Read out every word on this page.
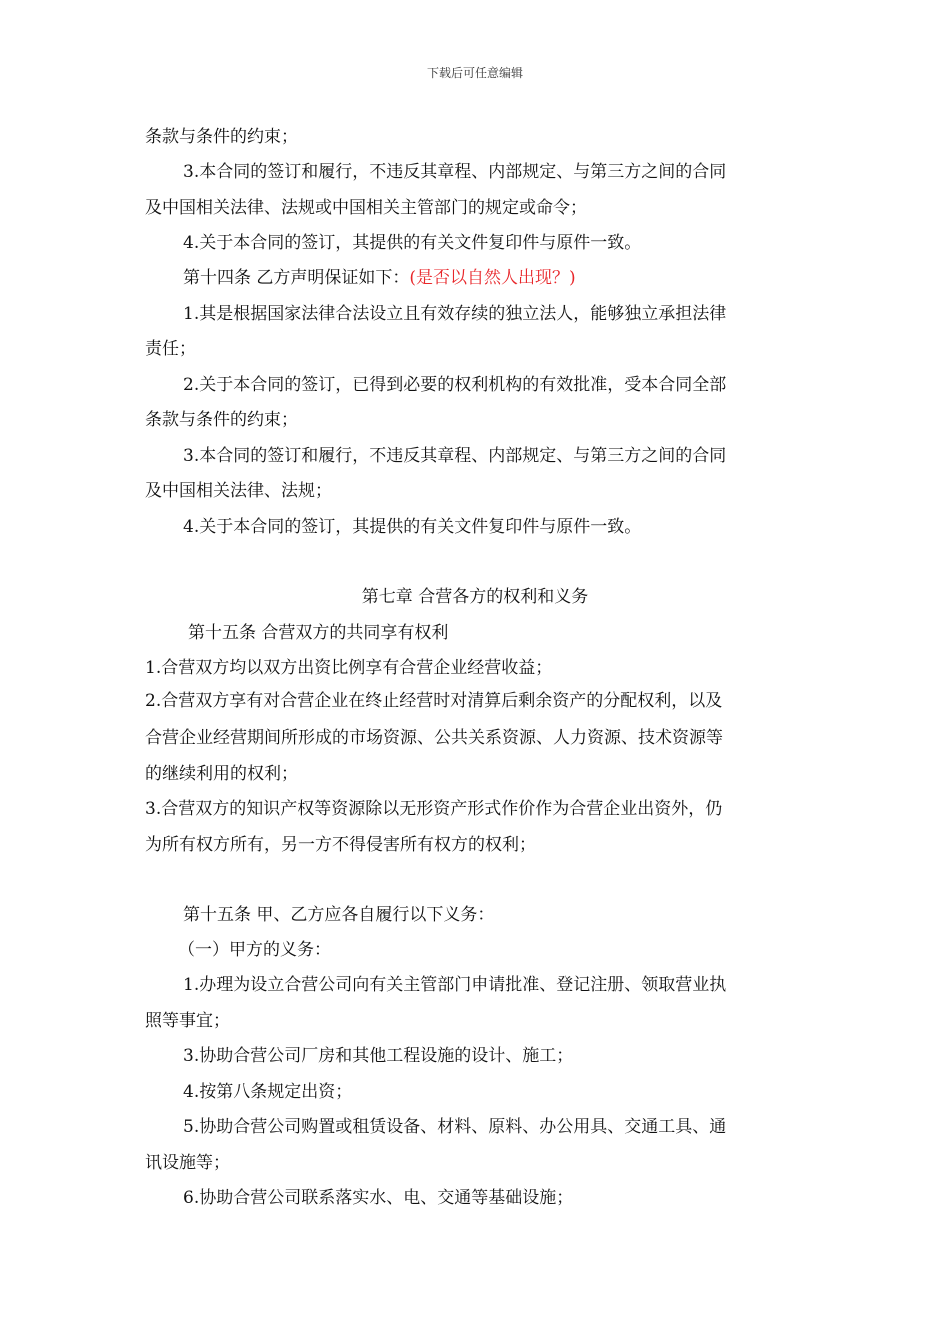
下载后可任意编辑
条款与条件的约束；
3.本合同的签订和履行，不违反其章程、内部规定、与第三方之间的合同
及中国相关法律、法规或中国相关主管部门的规定或命令；
4.关于本合同的签订，其提供的有关文件复印件与原件一致。
第十四条 乙方声明保证如下：(是否以自然人出现？)
1.其是根据国家法律合法设立且有效存续的独立法人，能够独立承担法律
责任；
2.关于本合同的签订，已得到必要的权利机构的有效批准，受本合同全部
条款与条件的约束；
3.本合同的签订和履行，不违反其章程、内部规定、与第三方之间的合同
及中国相关法律、法规；
4.关于本合同的签订，其提供的有关文件复印件与原件一致。
第七章 合营各方的权利和义务
第十五条 合营双方的共同享有权利
1.合营双方均以双方出资比例享有合营企业经营收益；
2.合营双方享有对合营企业在终止经营时对清算后剩余资产的分配权利，以及
合营企业经营期间所形成的市场资源、公共关系资源、人力资源、技术资源等
的继续利用的权利；
3.合营双方的知识产权等资源除以无形资产形式作价作为合营企业出资外，仍
为所有权方所有，另一方不得侵害所有权方的权利；
第十五条 甲、乙方应各自履行以下义务：
（一）甲方的义务：
1.办理为设立合营公司向有关主管部门申请批准、登记注册、领取营业执
照等事宜；
3.协助合营公司厂房和其他工程设施的设计、施工；
4.按第八条规定出资；
5.协助合营公司购置或租赁设备、材料、原料、办公用具、交通工具、通
讯设施等；
6.协助合营公司联系落实水、电、交通等基础设施；
